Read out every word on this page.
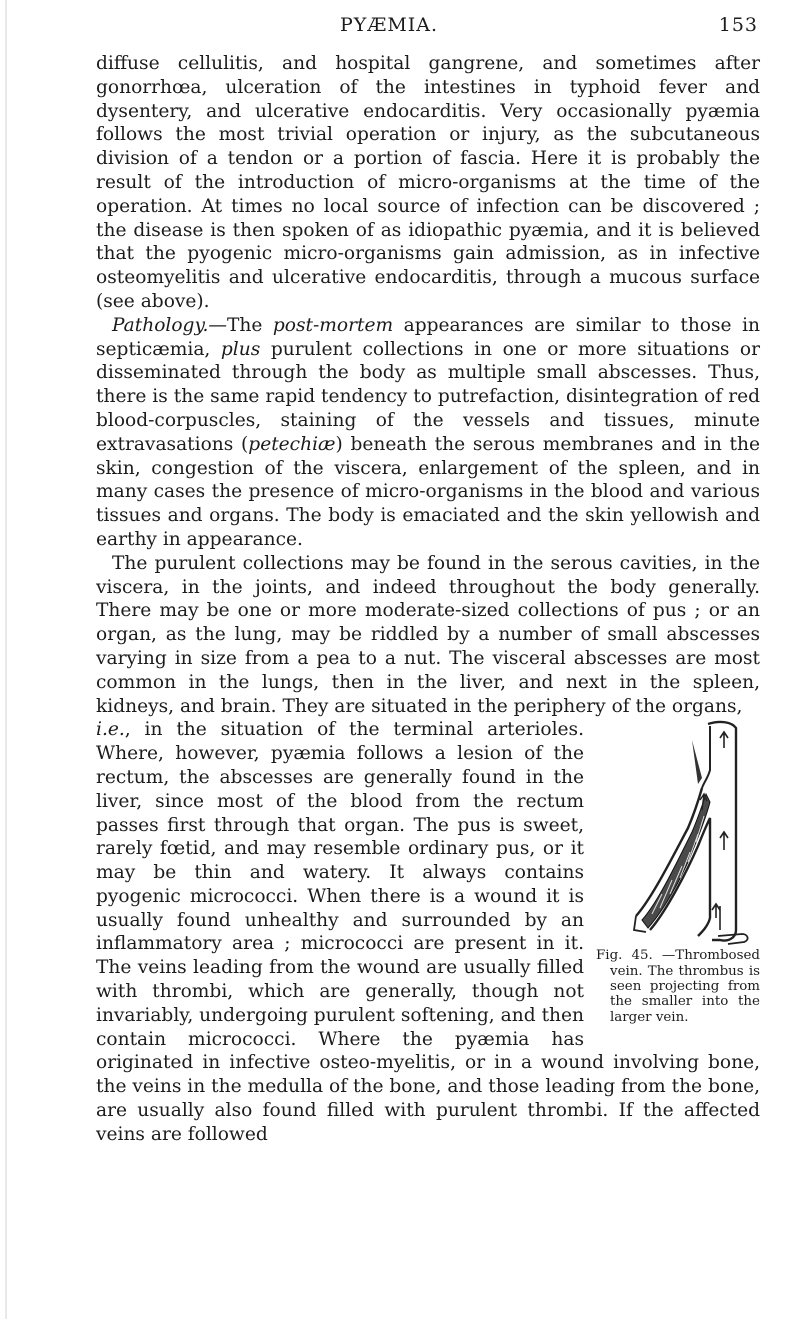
PYÆMIA.	153

diffuse cellulitis, and hospital gangrene, and sometimes after gonorrhœa, ulceration of the intestines in typhoid fever and dysentery, and ulcerative endocarditis. Very occasionally pyæmia follows the most trivial operation or injury, as the subcutaneous division of a tendon or a portion of fascia. Here it is probably the result of the introduction of micro-organisms at the time of the operation. At times no local source of infection can be discovered ; the disease is then spoken of as idiopathic pyæmia, and it is believed that the pyogenic micro-organisms gain admission, as in infective osteomyelitis and ulcerative endocarditis, through a mucous surface (see above).

Pathology.—The post-mortem appearances are similar to those in septicæmia, plus purulent collections in one or more situations or disseminated through the body as multiple small abscesses. Thus, there is the same rapid tendency to putrefaction, disintegration of red blood-corpuscles, staining of the vessels and tissues, minute extravasations (petechiæ) beneath the serous membranes and in the skin, congestion of the viscera, enlargement of the spleen, and in many cases the presence of micro-organisms in the blood and various tissues and organs. The body is emaciated and the skin yellowish and earthy in appearance.

The purulent collections may be found in the serous cavities, in the viscera, in the joints, and indeed throughout the body generally. There may be one or more moderate-sized collections of pus ; or an organ, as the lung, may be riddled by a number of small abscesses varying in size from a pea to a nut. The visceral abscesses are most common in the lungs, then in the liver, and next in the spleen, kidneys, and brain. They are situated in the periphery of the organs,
Fig. 45. —Thrombosed vein. The thrombus is seen projecting from the smaller into the larger vein.
i.e., in the situation of the terminal arterioles. Where, however, pyæmia follows a lesion of the rectum, the abscesses are generally found in the liver, since most of the blood from the rectum passes first through that organ. The pus is sweet, rarely fœtid, and may resemble ordinary pus, or it may be thin and watery. It always contains pyogenic micrococci. When there is a wound it is usually found unhealthy and surrounded by an inflammatory area ; micrococci are present in it. The veins leading from the wound are usually filled with thrombi, which are generally, though not invariably, undergoing purulent softening, and then contain micrococci. Where the pyæmia has originated in infective osteo-myelitis, or in a wound involving bone, the veins in the medulla of the bone, and those leading from the bone, are usually also found filled with purulent thrombi. If the affected veins are followed
